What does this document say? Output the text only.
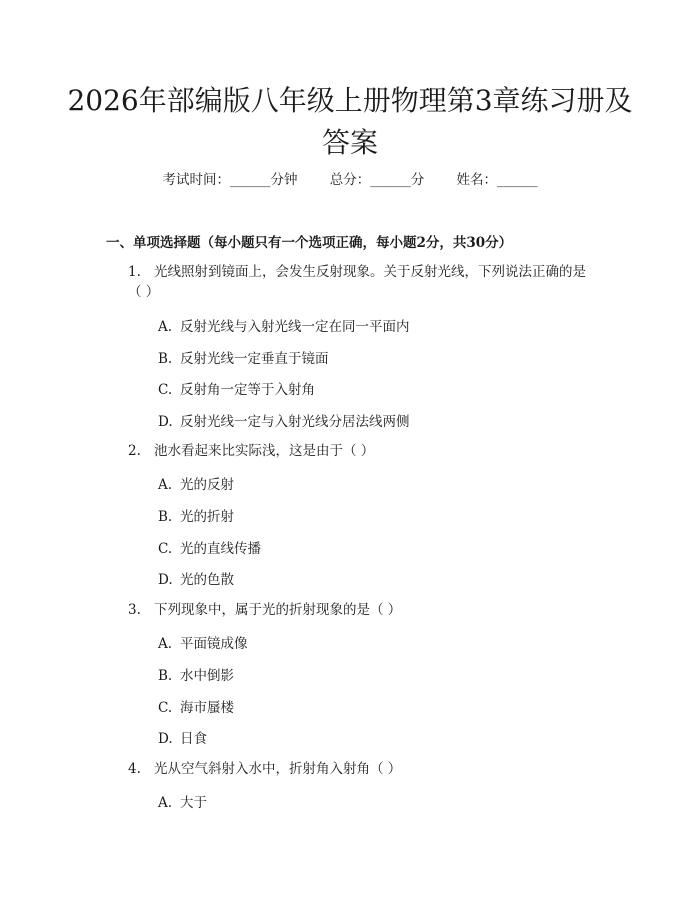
2026年部编版八年级上册物理第3章练习册及答案
考试时间：______分钟 总分：______分 姓名：______
一、单项选择题（每小题只有一个选项正确，每小题2分，共30分）
1. 光线照射到镜面上，会发生反射现象。关于反射光线，下列说法正确的是（ ）
A. 反射光线与入射光线一定在同一平面内
B. 反射光线一定垂直于镜面
C. 反射角一定等于入射角
D. 反射光线一定与入射光线分居法线两侧
2. 池水看起来比实际浅，这是由于（ ）
A. 光的反射
B. 光的折射
C. 光的直线传播
D. 光的色散
3. 下列现象中，属于光的折射现象的是（ ）
A. 平面镜成像
B. 水中倒影
C. 海市蜃楼
D. 日食
4. 光从空气斜射入水中，折射角入射角（ ）
A. 大于
